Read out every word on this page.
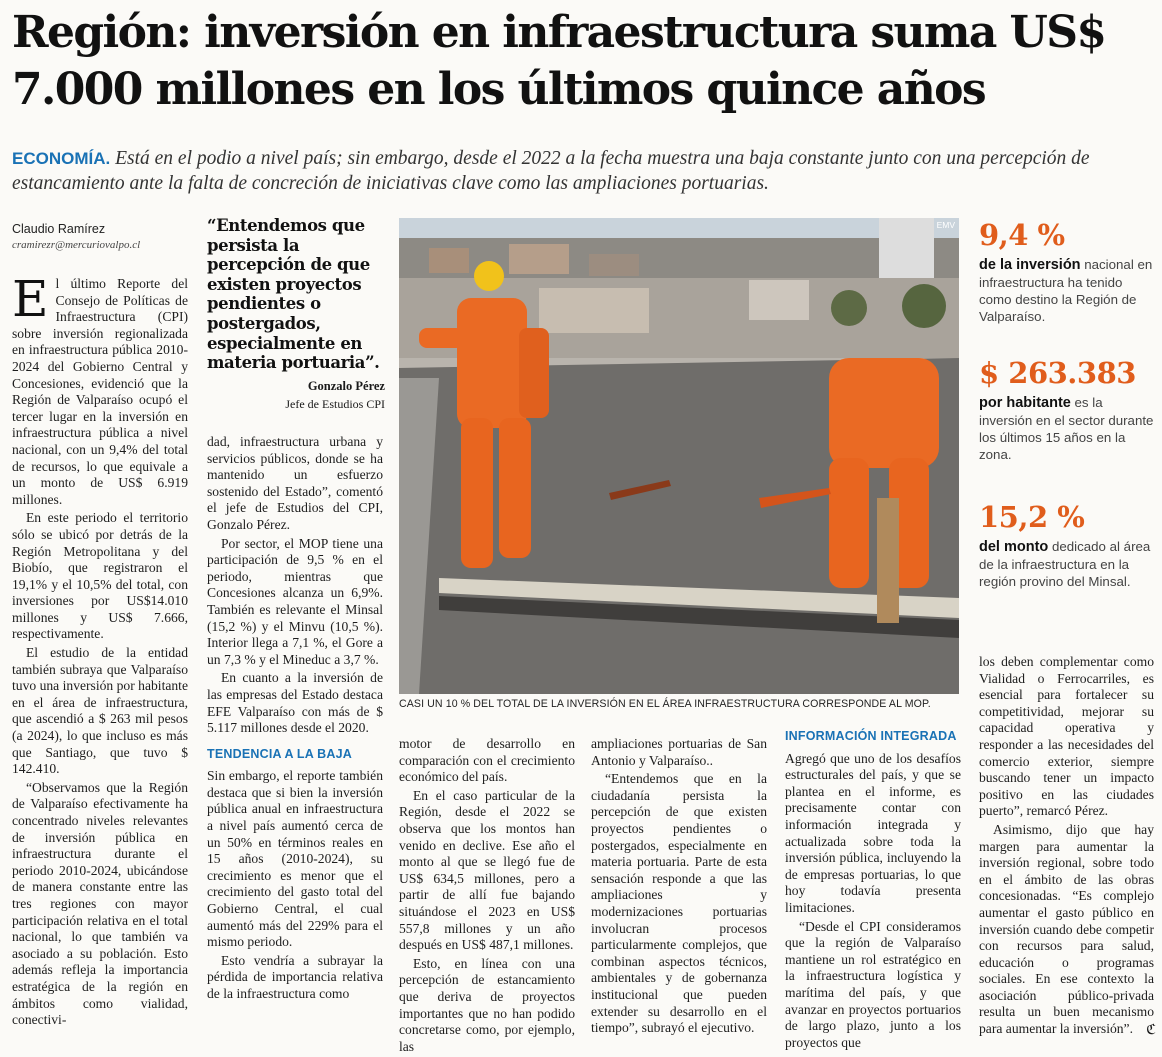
Región: inversión en infraestructura suma US$ 7.000 millones en los últimos quince años
ECONOMÍA. Está en el podio a nivel país; sin embargo, desde el 2022 a la fecha muestra una baja constante junto con una percepción de estancamiento ante la falta de concreción de iniciativas clave como las ampliaciones portuarias.
Claudio Ramírez
cramirezr@mercuriovalpo.cl

El último Reporte del Consejo de Políticas de Infraestructura (CPI) sobre inversión regionalizada en infraestructura pública 2010-2024 del Gobierno Central y Concesiones, evidenció que la Región de Valparaíso ocupó el tercer lugar en la inversión en infraestructura pública a nivel nacional, con un 9,4% del total de recursos, lo que equivale a un monto de US$ 6.919 millones.

En este periodo el territorio sólo se ubicó por detrás de la Región Metropolitana y del Biobío, que registraron el 19,1% y el 10,5% del total, con inversiones por US$14.010 millones y US$ 7.666, respectivamente.

El estudio de la entidad también subraya que Valparaíso tuvo una inversión por habitante en el área de infraestructura, que ascendió a $ 263 mil pesos (a 2024), lo que incluso es más que Santiago, que tuvo $ 142.410.

“Observamos que la Región de Valparaíso efectivamente ha concentrado niveles relevantes de inversión pública en infraestructura durante el periodo 2010-2024, ubicándose de manera constante entre las tres regiones con mayor participación relativa en el total nacional, lo que también va asociado a su población. Esto además refleja la importancia estratégica de la región en ámbitos como vialidad, conectivi-

“Entendemos que persista la percepción de que existen proyectos pendientes o postergados, especialmente en materia portuaria”.
Gonzalo Pérez
Jefe de Estudios CPI

dad, infraestructura urbana y servicios públicos, donde se ha mantenido un esfuerzo sostenido del Estado”, comentó el jefe de Estudios del CPI, Gonzalo Pérez.

Por sector, el MOP tiene una participación de 9,5 % en el periodo, mientras que Concesiones alcanza un 6,9%. También es relevante el Minsal (15,2 %) y el Minvu (10,5 %). Interior llega a 7,1 %, el Gore a un 7,3 % y el Mineduc a 3,7 %.

En cuanto a la inversión de las empresas del Estado destaca EFE Valparaíso con más de $ 5.117 millones desde el 2020.

TENDENCIA A LA BAJA

Sin embargo, el reporte también destaca que si bien la inversión pública anual en infraestructura a nivel país aumentó cerca de un 50% en términos reales en 15 años (2010-2024), su crecimiento es menor que el crecimiento del gasto total del Gobierno Central, el cual aumentó más del 229% para el mismo periodo.

Esto vendría a subrayar la pérdida de importancia relativa de la infraestructura como

EMV
CASI UN 10 % DEL TOTAL DE LA INVERSIÓN EN EL ÁREA INFRAESTRUCTURA CORRESPONDE AL MOP.
9,4 %
de la inversión nacional en infraestructura ha tenido como destino la Región de Valparaíso.
$ 263.383
por habitante es la inversión en el sector durante los últimos 15 años en la zona.
15,2 %
del monto dedicado al área de la infraestructura en la región provino del Minsal.

motor de desarrollo en comparación con el crecimiento económico del país.

En el caso particular de la Región, desde el 2022 se observa que los montos han venido en declive. Ese año el monto al que se llegó fue de US$ 634,5 millones, pero a partir de allí fue bajando situándose el 2023 en US$ 557,8 millones y un año después en US$ 487,1 millones.

Esto, en línea con una percepción de estancamiento que deriva de proyectos importantes que no han podido concretarse como, por ejemplo, las

ampliaciones portuarias de San Antonio y Valparaíso..

“Entendemos que en la ciudadanía persista la percepción de que existen proyectos pendientes o postergados, especialmente en materia portuaria. Parte de esta sensación responde a que las ampliaciones y modernizaciones portuarias involucran procesos particularmente complejos, que combinan aspectos técnicos, ambientales y de gobernanza institucional que pueden extender su desarrollo en el tiempo”, subrayó el ejecutivo.

INFORMACIÓN INTEGRADA

Agregó que uno de los desafíos estructurales del país, y que se plantea en el informe, es precisamente contar con información integrada y actualizada sobre toda la inversión pública, incluyendo la de empresas portuarias, lo que hoy todavía presenta limitaciones.

“Desde el CPI consideramos que la región de Valparaíso mantiene un rol estratégico en la infraestructura logística y marítima del país, y que avanzar en proyectos portuarios de largo plazo, junto a los proyectos que

los deben complementar como Vialidad o Ferrocarriles, es esencial para fortalecer su competitividad, mejorar su capacidad operativa y responder a las necesidades del comercio exterior, siempre buscando tener un impacto positivo en las ciudades puerto”, remarcó Pérez.

Asimismo, dijo que hay margen para aumentar la inversión regional, sobre todo en el ámbito de las obras concesionadas. “Es complejo aumentar el gasto público en inversión cuando debe competir con recursos para salud, educación o programas sociales. En ese contexto la asociación público-privada resulta un buen mecanismo para aumentar la inversión”. ℭ
